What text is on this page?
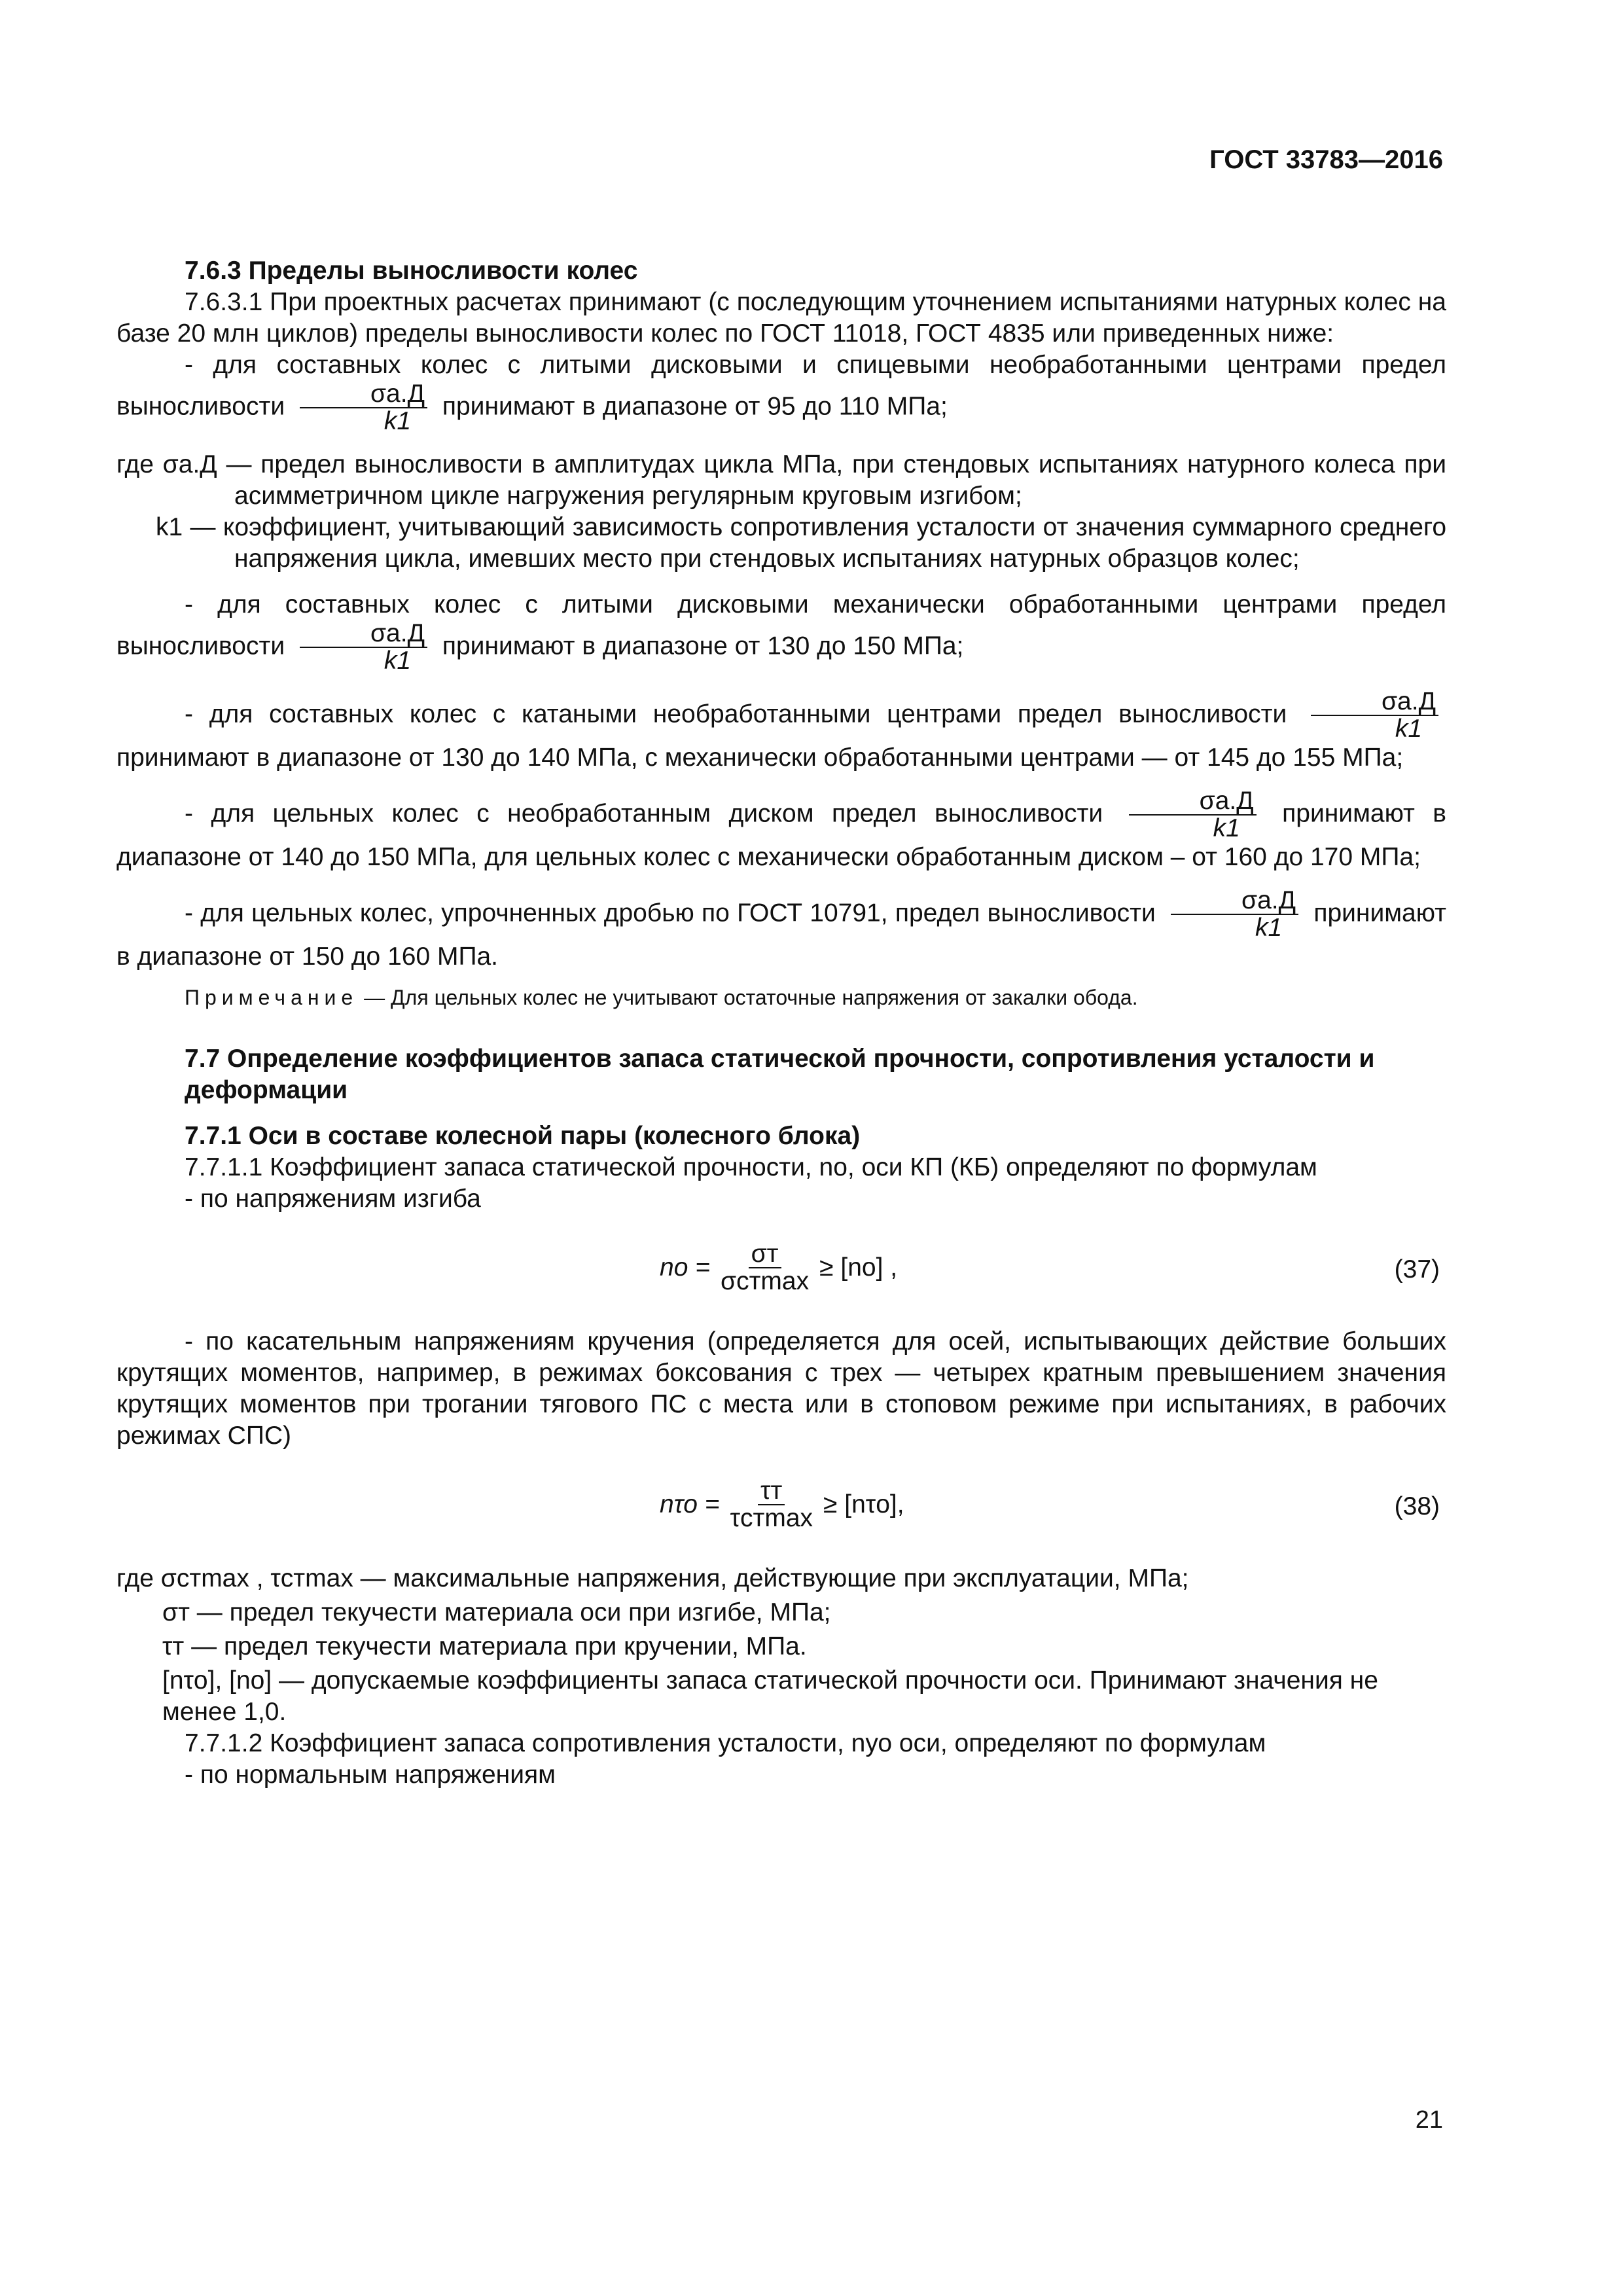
ГОСТ 33783—2016

7.6.3 Пределы выносливости колес

7.6.3.1 При проектных расчетах принимают (с последующим уточнением испытаниями натурных колес на базе 20 млн циклов) пределы выносливости колес по ГОСТ 11018, ГОСТ 4835 или приведенных ниже:

- для составных колес с литыми дисковыми и спицевыми необработанными центрами предел выносливости $\frac{\sigma а.Д}{k1}$ принимают в диапазоне от 95 до 110 МПа;

где σа.Д — предел выносливости в амплитудах цикла МПа, при стендовых испытаниях натурного колеса при асимметричном цикле нагружения регулярным круговым изгибом;

k1 — коэффициент, учитывающий зависимость сопротивления усталости от значения суммарного среднего напряжения цикла, имевших место при стендовых испытаниях натурных образцов колес;

- для составных колес с литыми дисковыми механически обработанными центрами предел выносливости $\frac{\sigma а.Д}{k1}$ принимают в диапазоне от 130 до 150 МПа;

- для составных колес с катаными необработанными центрами предел выносливости $\frac{\sigma а.Д}{k1}$
принимают в диапазоне от 130 до 140 МПа, с механически обработанными центрами — от 145 до 155 МПа;

- для цельных колес с необработанным диском предел выносливости $\frac{\sigma а.Д}{k1}$ принимают в диапазоне от 140 до 150 МПа, для цельных колес с механически обработанным диском – от 160 до 170 МПа;

- для цельных колес, упрочненных дробью по ГОСТ 10791, предел выносливости $\frac{\sigma а.Д}{k1}$ принимают в диапазоне от 150 до 160 МПа.

Примечание — Для цельных колес не учитывают остаточные напряжения от закалки обода.

7.7 Определение коэффициентов запаса статической прочности, сопротивления усталости и деформации

7.7.1 Оси в составе колесной пары (колесного блока)

7.7.1.1 Коэффициент запаса статической прочности, nо, оси КП (КБ) определяют по формулам

- по напряжениям изгиба

nо = $\frac{\sigma т}{\text{σстmax}} \ge [nо]$ ,	(37)

- по касательным напряжениям кручения (определяется для осей, испытывающих действие больших крутящих моментов, например, в режимах боксования с трех — четырех кратным превышением значения крутящих моментов при трогании тягового ПС с места или в стоповом режиме при испытаниях, в рабочих режимах СПС)

$n\tau о = \frac{\tau т}{\text{τстmax}} \ge [n\tau о]$,	(38)

где σстmax , τстmax — максимальные напряжения, действующие при эксплуатации, МПа;

σт — предел текучести материала оси при изгибе, МПа;

τт — предел текучести материала при кручении, МПа.

[nτо], [nо] — допускаемые коэффициенты запаса статической прочности оси. Принимают значения не менее 1,0.

7.7.1.2 Коэффициент запаса сопротивления усталости, nуо оси, определяют по формулам

- по нормальным напряжениям

21
